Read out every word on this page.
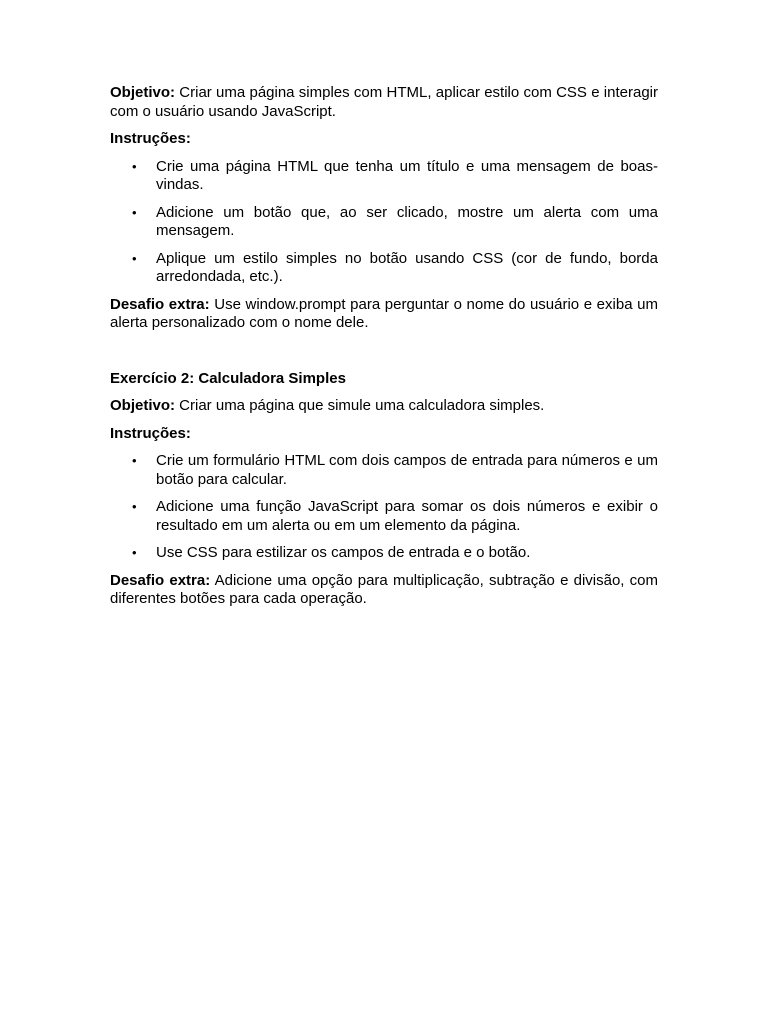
Objetivo: Criar uma página simples com HTML, aplicar estilo com CSS e interagir com o usuário usando JavaScript.

Instruções:

• Crie uma página HTML que tenha um título e uma mensagem de boas-vindas.
• Adicione um botão que, ao ser clicado, mostre um alerta com uma mensagem.
• Aplique um estilo simples no botão usando CSS (cor de fundo, borda arredondada, etc.).

Desafio extra: Use window.prompt para perguntar o nome do usuário e exiba um alerta personalizado com o nome dele.

Exercício 2: Calculadora Simples

Objetivo: Criar uma página que simule uma calculadora simples.

Instruções:

• Crie um formulário HTML com dois campos de entrada para números e um botão para calcular.
• Adicione uma função JavaScript para somar os dois números e exibir o resultado em um alerta ou em um elemento da página.
• Use CSS para estilizar os campos de entrada e o botão.

Desafio extra: Adicione uma opção para multiplicação, subtração e divisão, com diferentes botões para cada operação.
